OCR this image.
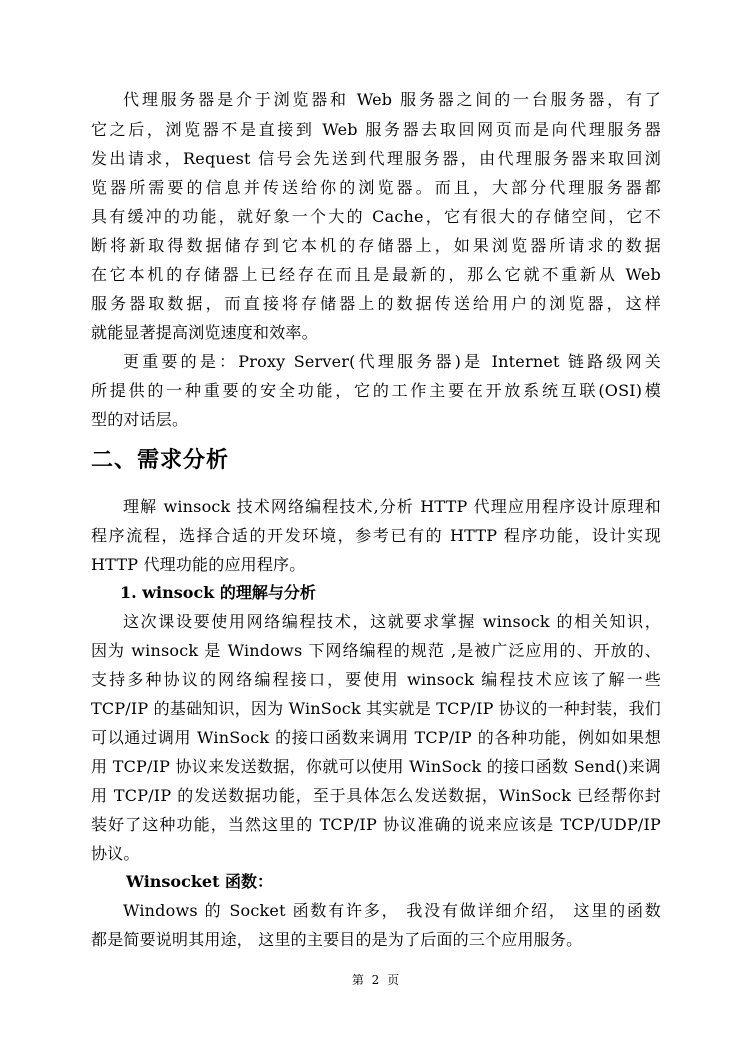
代理服务器是介于浏览器和 Web 服务器之间的一台服务器，有了
它之后，浏览器不是直接到 Web 服务器去取回网页而是向代理服务器
发出请求，Request 信号会先送到代理服务器，由代理服务器来取回浏
览器所需要的信息并传送给你的浏览器。而且，大部分代理服务器都
具有缓冲的功能，就好象一个大的 Cache，它有很大的存储空间，它不
断将新取得数据储存到它本机的存储器上，如果浏览器所请求的数据
在它本机的存储器上已经存在而且是最新的，那么它就不重新从 Web
服务器取数据，而直接将存储器上的数据传送给用户的浏览器，这样
就能显著提高浏览速度和效率。
更重要的是：Proxy Server(代理服务器)是 Internet 链路级网关
所提供的一种重要的安全功能，它的工作主要在开放系统互联(OSI)模
型的对话层。
二、需求分析
理解 winsock 技术网络编程技术,分析 HTTP 代理应用程序设计原理和
程序流程，选择合适的开发环境，参考已有的 HTTP 程序功能，设计实现
HTTP 代理功能的应用程序。
1. winsock 的理解与分析
这次课设要使用网络编程技术，这就要求掌握 winsock 的相关知识，
因为 winsock 是 Windows 下网络编程的规范 ,是被广泛应用的、开放的、
支持多种协议的网络编程接口，要使用 winsock 编程技术应该了解一些
TCP/IP 的基础知识，因为 WinSock 其实就是 TCP/IP 协议的一种封装，我们
可以通过调用 WinSock 的接口函数来调用 TCP/IP 的各种功能，例如如果想
用 TCP/IP 协议来发送数据，你就可以使用 WinSock 的接口函数 Send()来调
用 TCP/IP 的发送数据功能，至于具体怎么发送数据，WinSock 已经帮你封
装好了这种功能，当然这里的 TCP/IP 协议准确的说来应该是 TCP/UDP/IP
协议。
Winsocket 函数：
Windows 的 Socket 函数有许多， 我没有做详细介绍， 这里的函数
都是简要说明其用途， 这里的主要目的是为了后面的三个应用服务。
第 2 页
